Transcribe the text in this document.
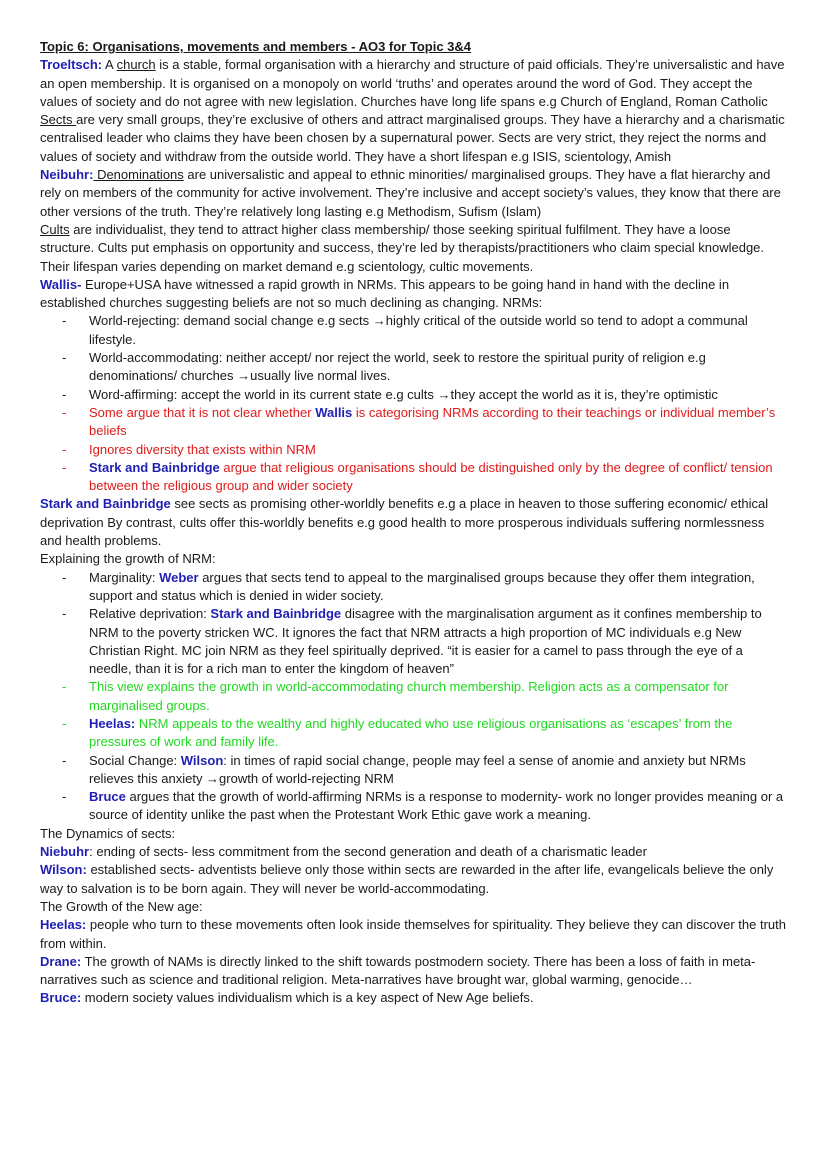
Topic 6: Organisations, movements and members - AO3 for Topic 3&4

Troeltsch: A church is a stable, formal organisation with a hierarchy and structure of paid officials. They’re universalistic and have an open membership. It is organised on a monopoly on world ‘truths’ and operates around the word of God. They accept the values of society and do not agree with new legislation. Churches have long life spans e.g Church of England, Roman Catholic

Sects are very small groups, they’re exclusive of others and attract marginalised groups. They have a hierarchy and a charismatic centralised leader who claims they have been chosen by a supernatural power. Sects are very strict, they reject the norms and values of society and withdraw from the outside world. They have a short lifespan e.g ISIS, scientology, Amish

Neibuhr: Denominations are universalistic and appeal to ethnic minorities/ marginalised groups. They have a flat hierarchy and rely on members of the community for active involvement. They’re inclusive and accept society’s values, they know that there are other versions of the truth. They’re relatively long lasting e.g Methodism, Sufism (Islam)

Cults are individualist, they tend to attract higher class membership/ those seeking spiritual fulfilment. They have a loose structure. Cults put emphasis on opportunity and success, they’re led by therapists/practitioners who claim special knowledge. Their lifespan varies depending on market demand e.g scientology, cultic movements.

Wallis- Europe+USA have witnessed a rapid growth in NRMs. This appears to be going hand in hand with the decline in established churches suggesting beliefs are not so much declining as changing. NRMs:

- World-rejecting: demand social change e.g sects →highly critical of the outside world so tend to adopt a communal lifestyle.
- World-accommodating: neither accept/ nor reject the world, seek to restore the spiritual purity of religion e.g denominations/ churches →usually live normal lives.
- Word-affirming: accept the world in its current state e.g cults →they accept the world as it is, they’re optimistic
- Some argue that it is not clear whether Wallis is categorising NRMs according to their teachings or individual member’s beliefs
- Ignores diversity that exists within NRM
- Stark and Bainbridge argue that religious organisations should be distinguished only by the degree of conflict/ tension between the religious group and wider society

Stark and Bainbridge see sects as promising other-worldly benefits e.g a place in heaven to those suffering economic/ ethical deprivation By contrast, cults offer this-worldly benefits e.g good health to more prosperous individuals suffering normlessness and health problems.

Explaining the growth of NRM:

- Marginality: Weber argues that sects tend to appeal to the marginalised groups because they offer them integration, support and status which is denied in wider society.
- Relative deprivation: Stark and Bainbridge disagree with the marginalisation argument as it confines membership to NRM to the poverty stricken WC. It ignores the fact that NRM attracts a high proportion of MC individuals e.g New Christian Right. MC join NRM as they feel spiritually deprived. “it is easier for a camel to pass through the eye of a needle, than it is for a rich man to enter the kingdom of heaven”
- This view explains the growth in world-accommodating church membership. Religion acts as a compensator for marginalised groups.
- Heelas: NRM appeals to the wealthy and highly educated who use religious organisations as ‘escapes’ from the pressures of work and family life.
- Social Change: Wilson: in times of rapid social change, people may feel a sense of anomie and anxiety but NRMs relieves this anxiety →growth of world-rejecting NRM
- Bruce argues that the growth of world-affirming NRMs is a response to modernity- work no longer provides meaning or a source of identity unlike the past when the Protestant Work Ethic gave work a meaning.

The Dynamics of sects:

Niebuhr: ending of sects- less commitment from the second generation and death of a charismatic leader

Wilson: established sects- adventists believe only those within sects are rewarded in the after life, evangelicals believe the only way to salvation is to be born again. They will never be world-accommodating.

The Growth of the New age:

Heelas: people who turn to these movements often look inside themselves for spirituality. They believe they can discover the truth from within.

Drane: The growth of NAMs is directly linked to the shift towards postmodern society. There has been a loss of faith in meta-narratives such as science and traditional religion. Meta-narratives have brought war, global warming, genocide…

Bruce: modern society values individualism which is a key aspect of New Age beliefs.
